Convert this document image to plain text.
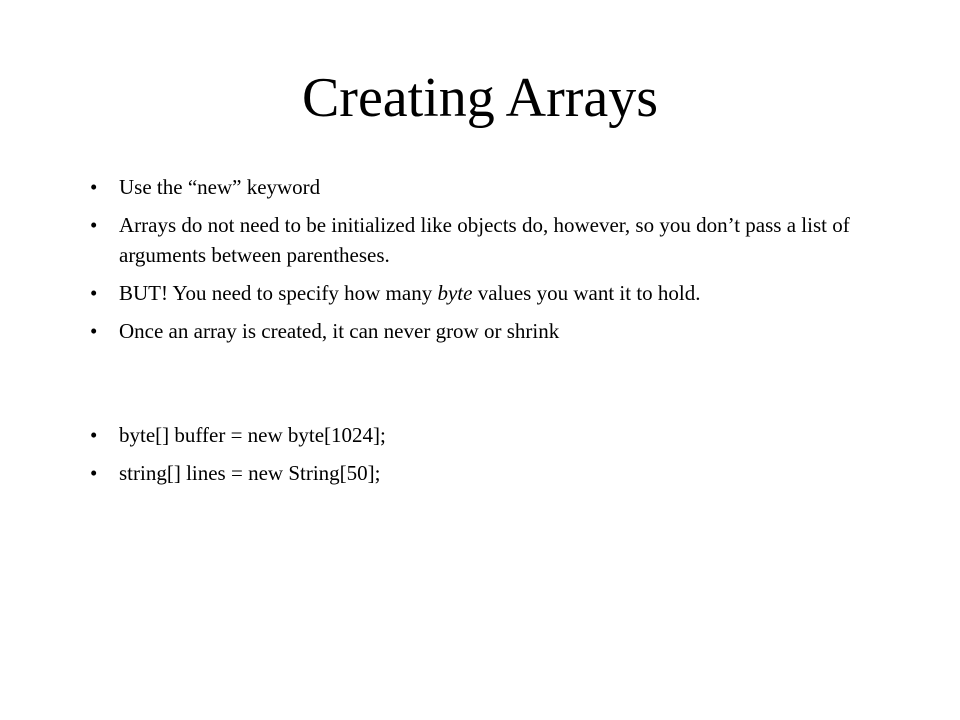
Creating Arrays
• Use the “new” keyword
• Arrays do not need to be initialized like objects do, however, so you don’t pass a list of arguments between parentheses.
• BUT! You need to specify how many byte values you want it to hold.
• Once an array is created, it can never grow or shrink
• byte[] buffer = new byte[1024];
• string[] lines = new String[50];
